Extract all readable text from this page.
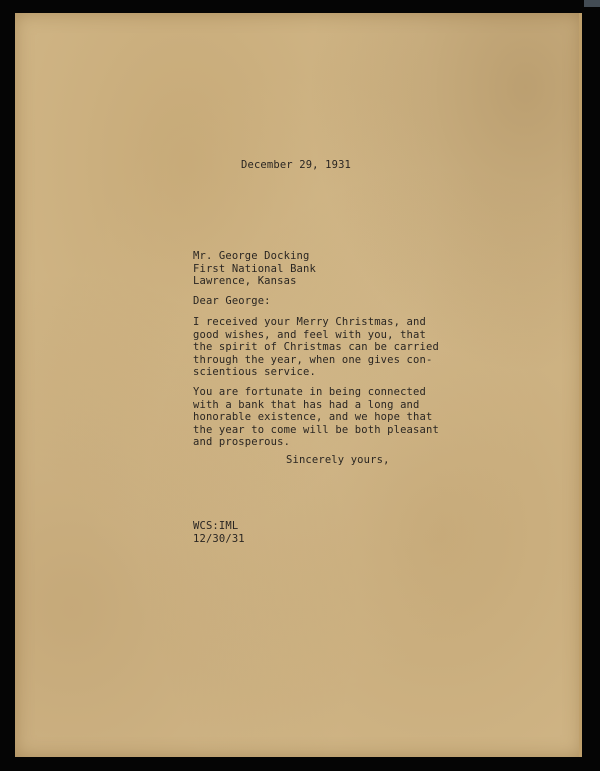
December 29, 1931
Mr. George Docking
First National Bank
Lawrence, Kansas
Dear George:
I received your Merry Christmas, and
good wishes, and feel with you, that
the spirit of Christmas can be carried
through the year, when one gives con-
scientious service.
You are fortunate in being connected
with a bank that has had a long and
honorable existence, and we hope that
the year to come will be both pleasant
and prosperous.
Sincerely yours,
WCS:IML
12/30/31
